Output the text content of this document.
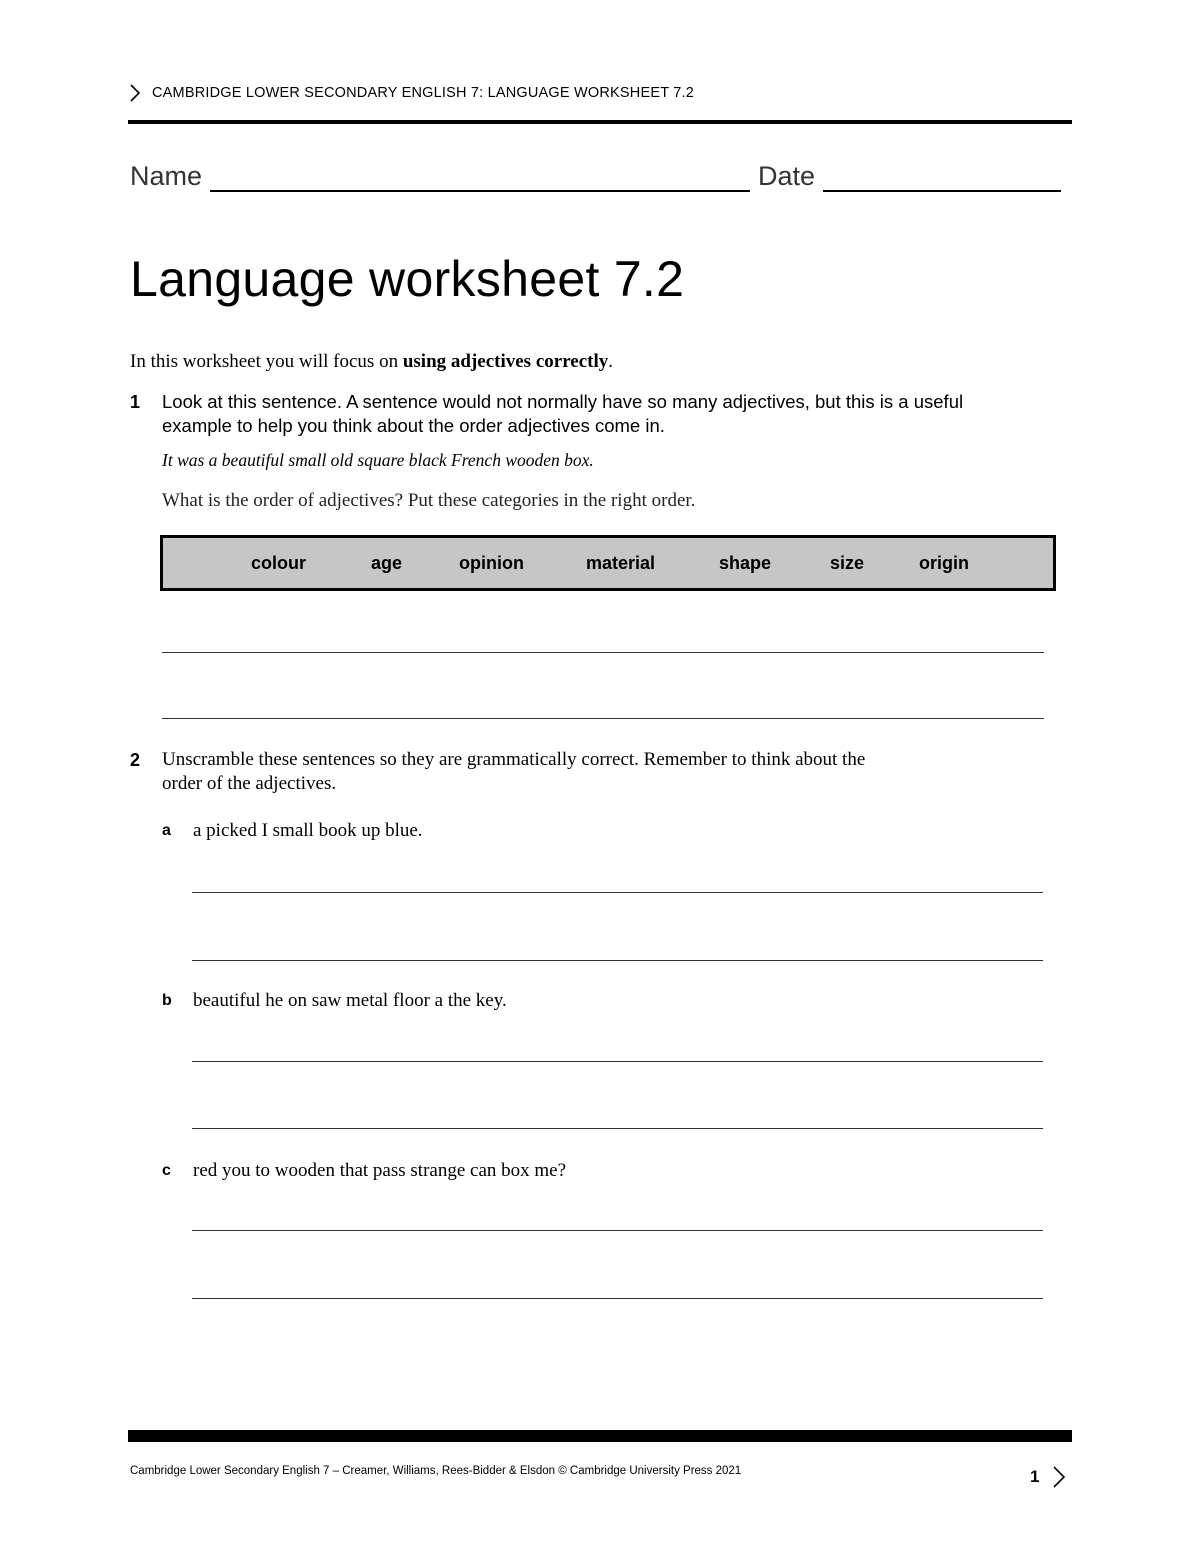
CAMBRIDGE LOWER SECONDARY ENGLISH 7: LANGUAGE WORKSHEET 7.2
Name	Date
Language worksheet 7.2
In this worksheet you will focus on using adjectives correctly.
1 Look at this sentence. A sentence would not normally have so many adjectives, but this is a useful
example to help you think about the order adjectives come in.
It was a beautiful small old square black French wooden box.
What is the order of adjectives? Put these categories in the right order.
colour	age	opinion	material	shape	size	origin
2 Unscramble these sentences so they are grammatically correct. Remember to think about the
order of the adjectives.
a a picked I small book up blue.
b beautiful he on saw metal floor a the key.
c red you to wooden that pass strange can box me?
Cambridge Lower Secondary English 7 – Creamer, Williams, Rees-Bidder & Elsdon © Cambridge University Press 2021	1
